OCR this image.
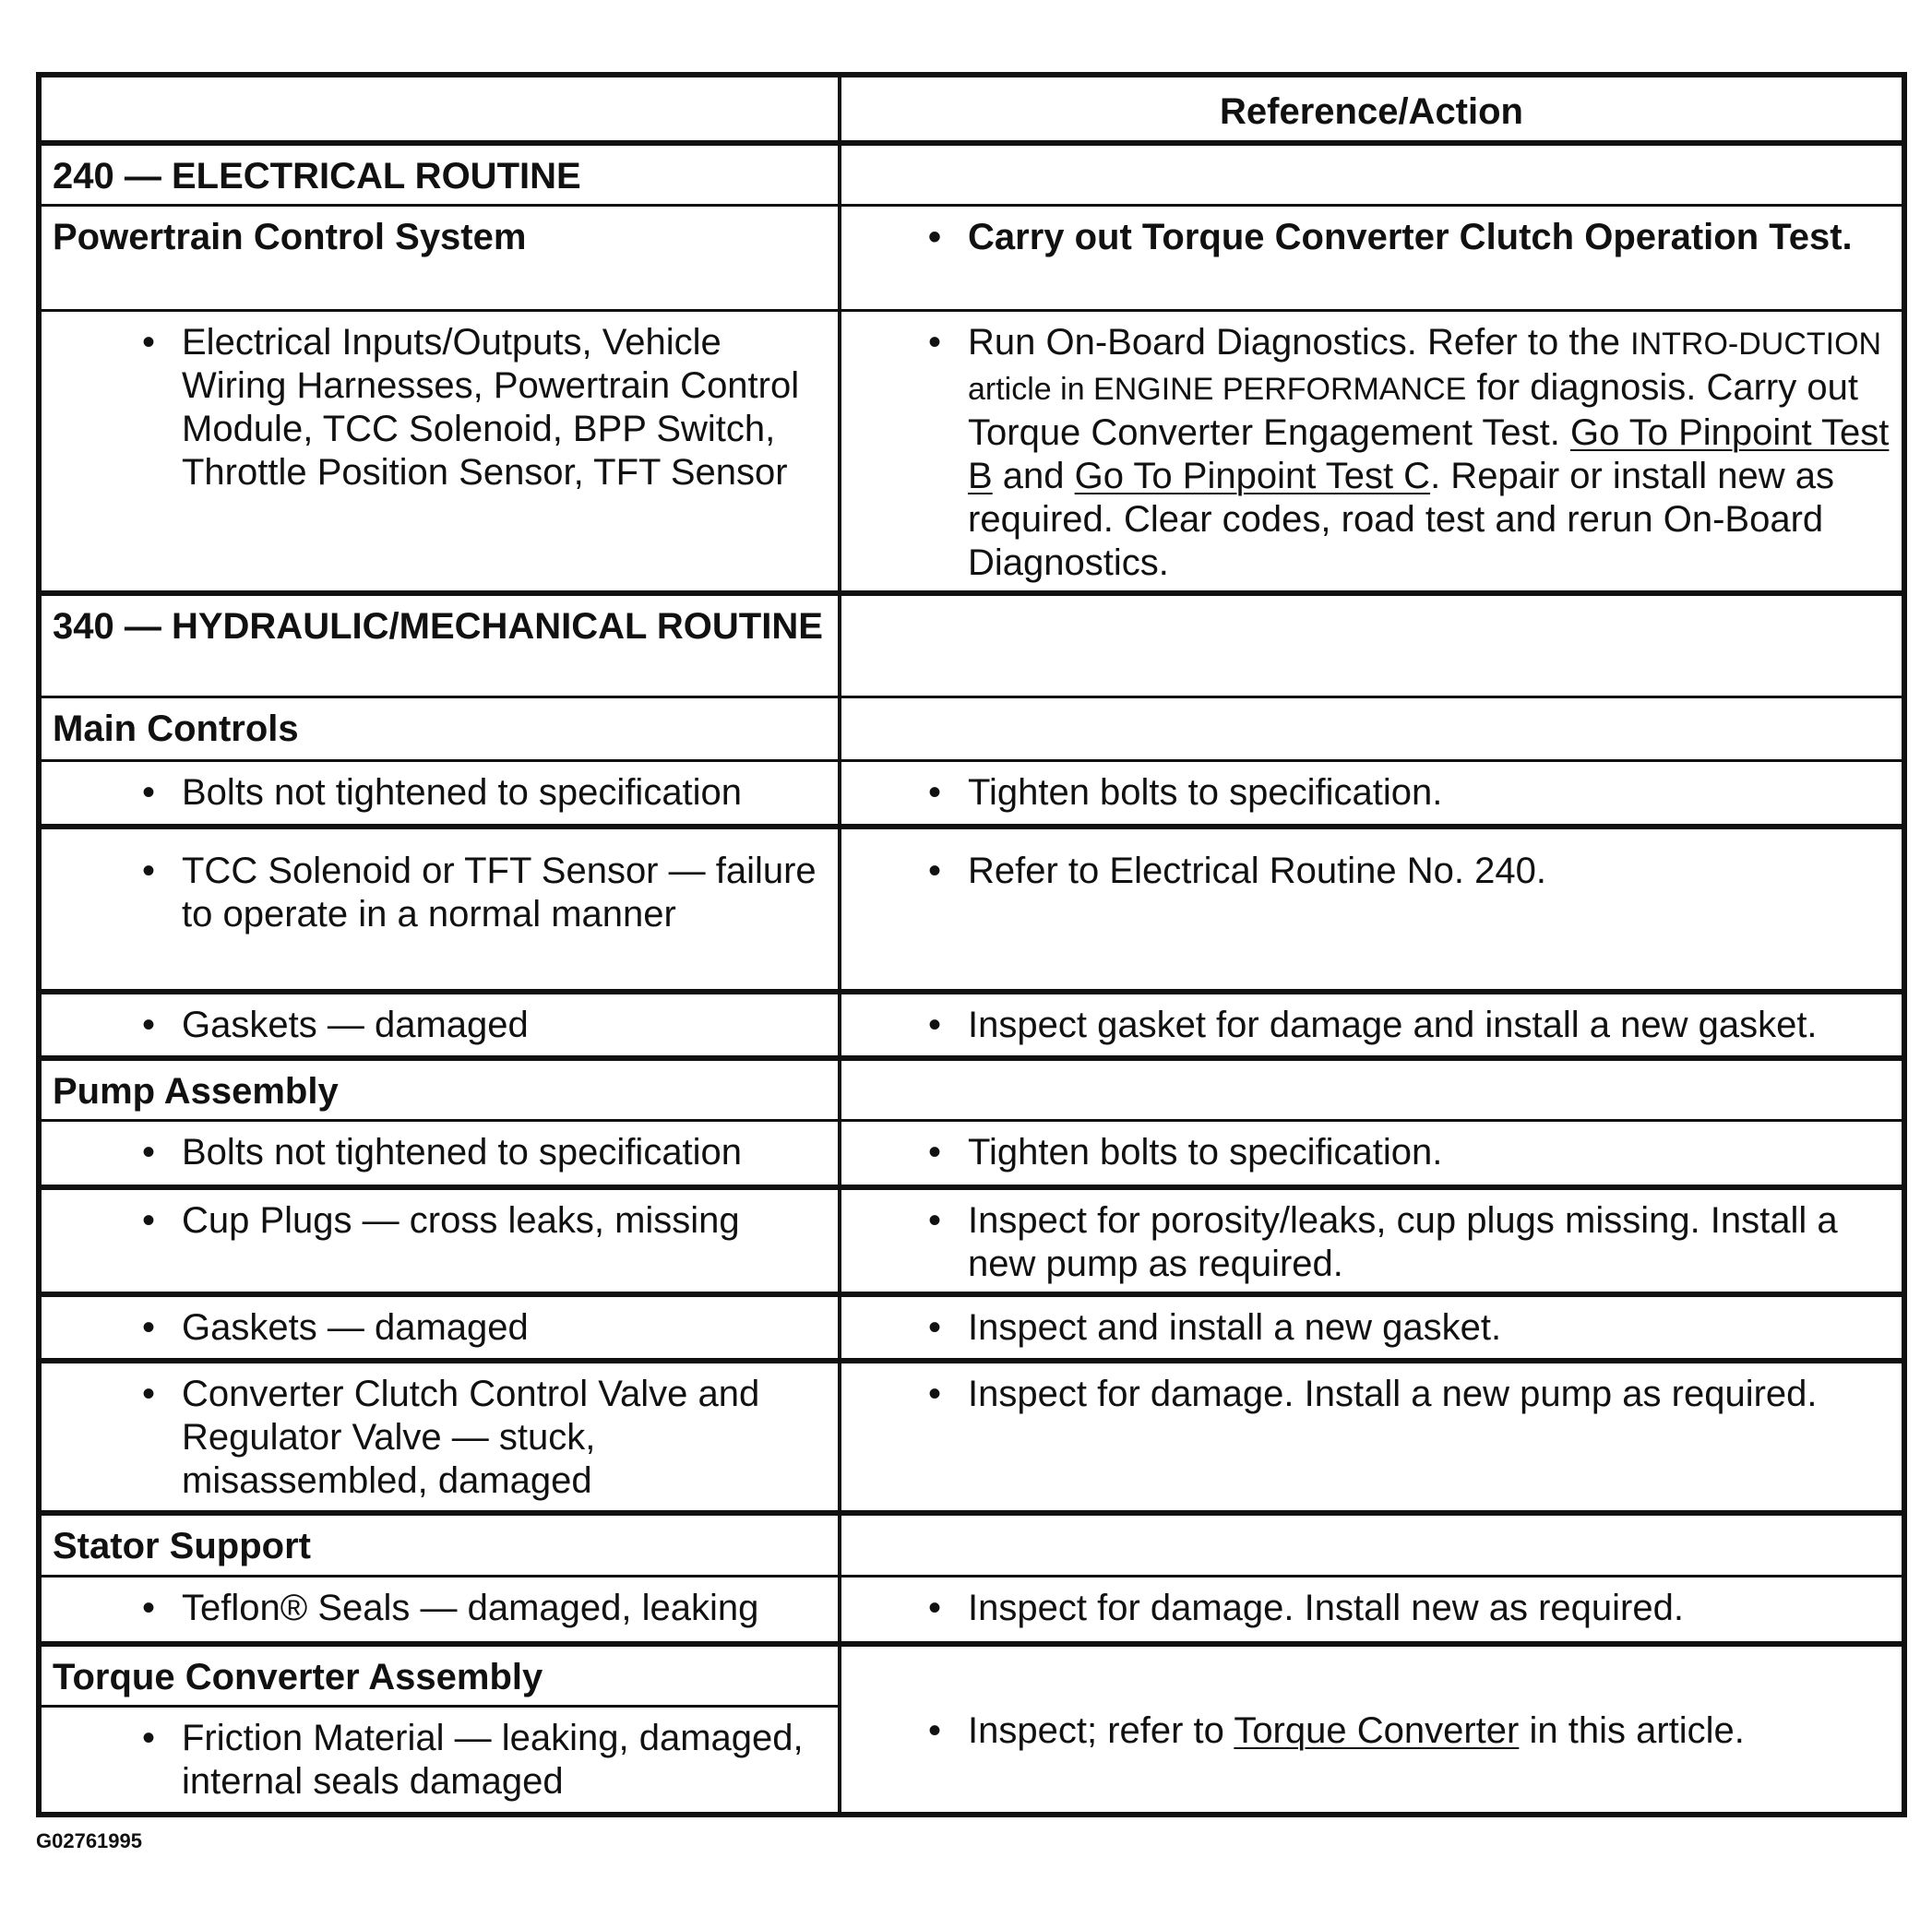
	Reference/Action
240 — ELECTRICAL ROUTINE	
Powertrain Control System	• Carry out Torque Converter Clutch Operation Test.

• Electrical Inputs/Outputs, Vehicle Wiring Harnesses, Powertrain Control Module, TCC Solenoid, BPP Switch, Throttle Position Sensor, TFT Sensor	• Run On-Board Diagnostics. Refer to the INTRO-DUCTION article in ENGINE PERFORMANCE for diagnosis. Carry out Torque Converter Engagement Test. Go To Pinpoint Test B and Go To Pinpoint Test C. Repair or install new as required. Clear codes, road test and rerun On-Board Diagnostics.

340 — HYDRAULIC/MECHANICAL ROUTINE	
Main Controls	

• Bolts not tightened to specification	• Tighten bolts to specification.

• TCC Solenoid or TFT Sensor — failure to operate in a normal manner	• Refer to Electrical Routine No. 240.

• Gaskets — damaged	• Inspect gasket for damage and install a new gasket.

Pump Assembly	

• Bolts not tightened to specification	• Tighten bolts to specification.

• Cup Plugs — cross leaks, missing	• Inspect for porosity/leaks, cup plugs missing. Install a new pump as required.

• Gaskets — damaged	• Inspect and install a new gasket.

• Converter Clutch Control Valve and Regulator Valve — stuck, misassembled, damaged	• Inspect for damage. Install a new pump as required.

Stator Support	

• Teflon® Seals — damaged, leaking	• Inspect for damage. Install new as required.

Torque Converter Assembly	• Inspect; refer to Torque Converter in this article.

• Friction Material — leaking, damaged, internal seals damaged
G02761995
